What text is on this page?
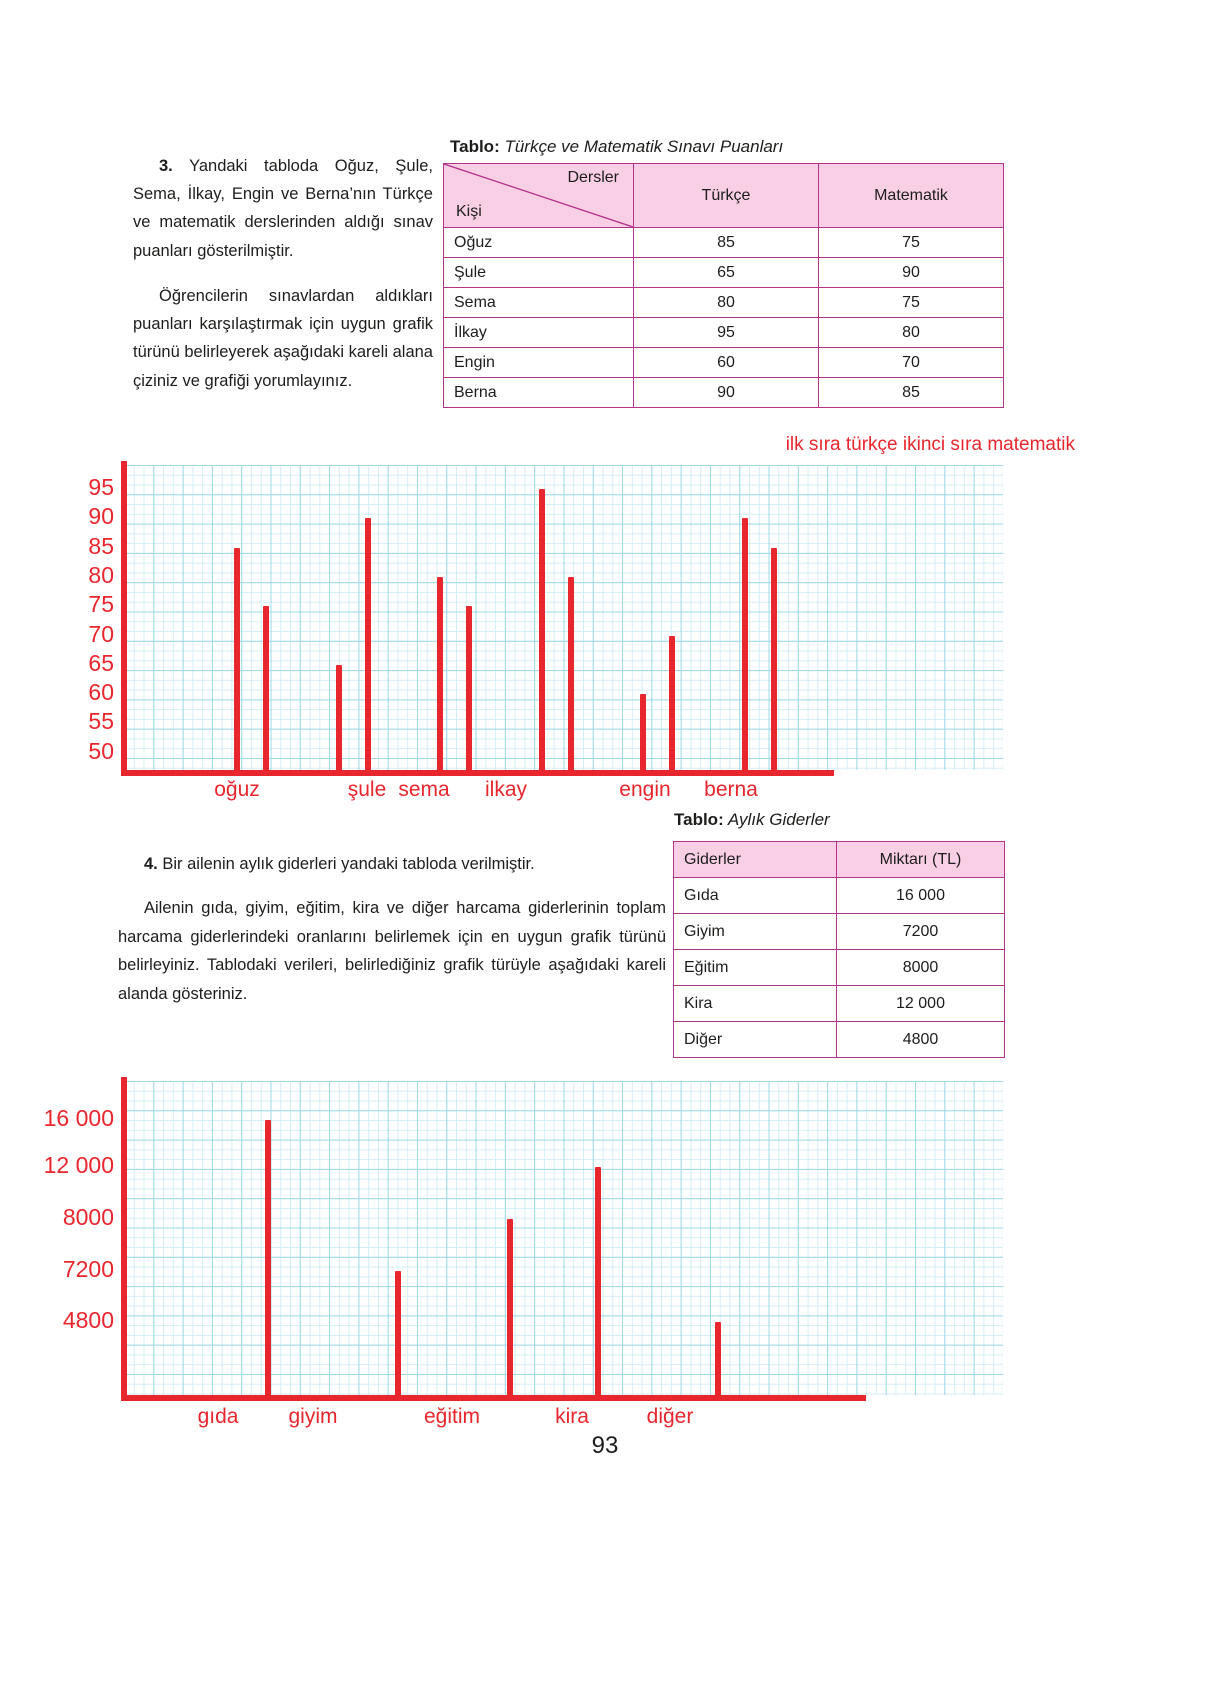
3. Yandaki tabloda Oğuz, Şule, Sema, İlkay, Engin ve Berna’nın Türkçe ve matematik derslerinden aldığı sınav puanları gösterilmiştir.

Öğrencilerin sınavlardan aldıkları puanları karşılaştırmak için uygun grafik türünü belirleyerek aşağıdaki kareli alana çiziniz ve grafiği yorumlayınız.

Tablo: Türkçe ve Matematik Sınavı Puanları
Dersler
Kişi	Türkçe	Matematik
Oğuz	85	75
Şule	65	90
Sema	80	75
İlkay	95	80
Engin	60	70
Berna	90	85
ilk sıra türkçe ikinci sıra matematik
95
90
85
80
75
70
65
60
55
50
oğuz	şule sema ilkay	engin berna

4. Bir ailenin aylık giderleri yandaki tabloda verilmiştir.

Ailenin gıda, giyim, eğitim, kira ve diğer harcama giderlerinin toplam harcama giderlerindeki oranlarını belirlemek için en uygun grafik türünü belirleyiniz. Tablodaki verileri, belirlediğiniz grafik türüyle aşağıdaki kareli alanda gösteriniz.

Tablo: Aylık Giderler
Giderler	Miktarı (TL)
Gıda	16 000
Giyim	7200
Eğitim	8000
Kira	12 000
Diğer	4800
16 000
12 000
8000
7200
4800
gıda giyim	eğitim	kira	diğer
93
